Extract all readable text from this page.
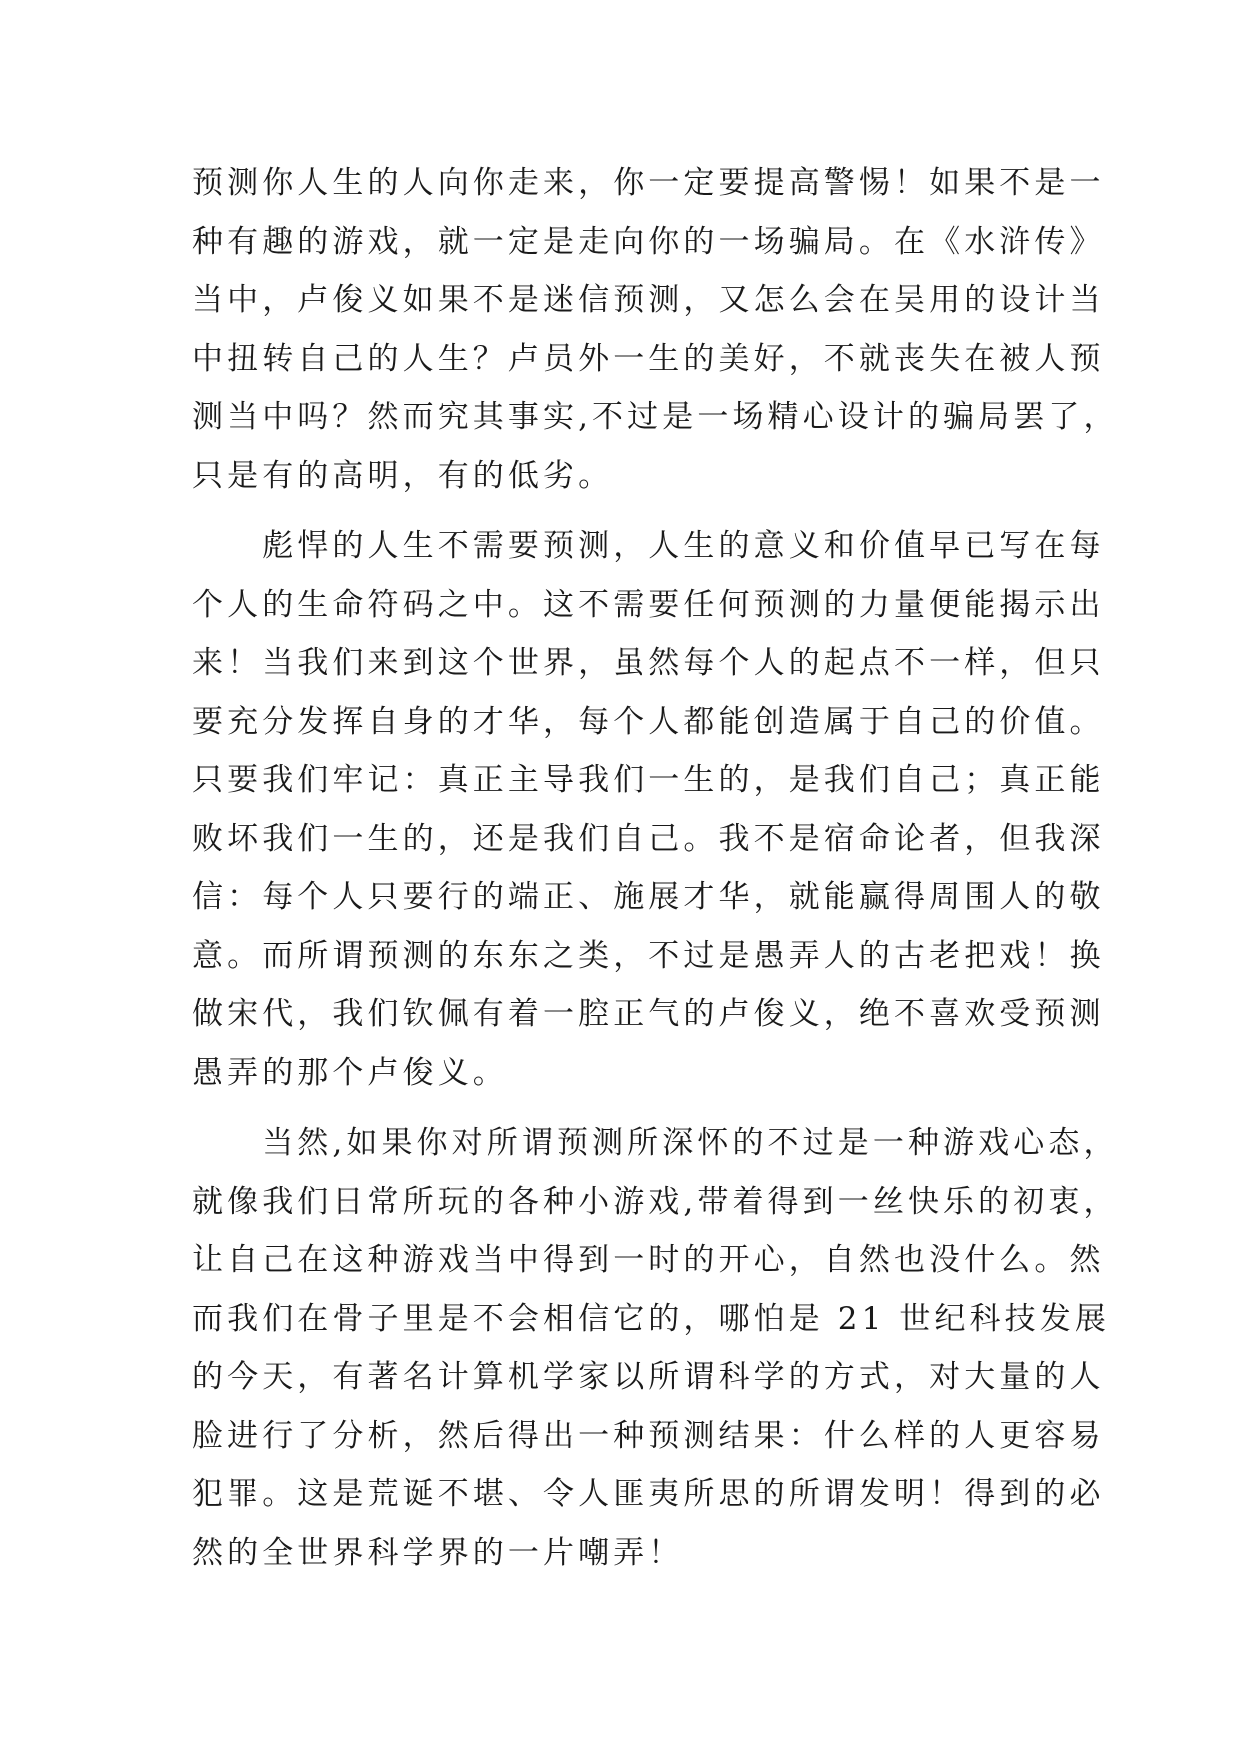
预测你人生的人向你走来，你一定要提高警惕！如果不是一
种有趣的游戏，就一定是走向你的一场骗局。在《水浒传》
当中，卢俊义如果不是迷信预测，又怎么会在吴用的设计当
中扭转自己的人生？卢员外一生的美好，不就丧失在被人预
测当中吗？然而究其事实,不过是一场精心设计的骗局罢了，
只是有的高明，有的低劣。
　　彪悍的人生不需要预测，人生的意义和价值早已写在每
个人的生命符码之中。这不需要任何预测的力量便能揭示出
来！当我们来到这个世界，虽然每个人的起点不一样，但只
要充分发挥自身的才华，每个人都能创造属于自己的价值。
只要我们牢记：真正主导我们一生的，是我们自己；真正能
败坏我们一生的，还是我们自己。我不是宿命论者，但我深
信：每个人只要行的端正、施展才华，就能赢得周围人的敬
意。而所谓预测的东东之类，不过是愚弄人的古老把戏！换
做宋代，我们钦佩有着一腔正气的卢俊义，绝不喜欢受预测
愚弄的那个卢俊义。
　　当然,如果你对所谓预测所深怀的不过是一种游戏心态，
就像我们日常所玩的各种小游戏,带着得到一丝快乐的初衷，
让自己在这种游戏当中得到一时的开心，自然也没什么。然
而我们在骨子里是不会相信它的，哪怕是 21 世纪科技发展
的今天，有著名计算机学家以所谓科学的方式，对大量的人
脸进行了分析，然后得出一种预测结果：什么样的人更容易
犯罪。这是荒诞不堪、令人匪夷所思的所谓发明！得到的必
然的全世界科学界的一片嘲弄！
